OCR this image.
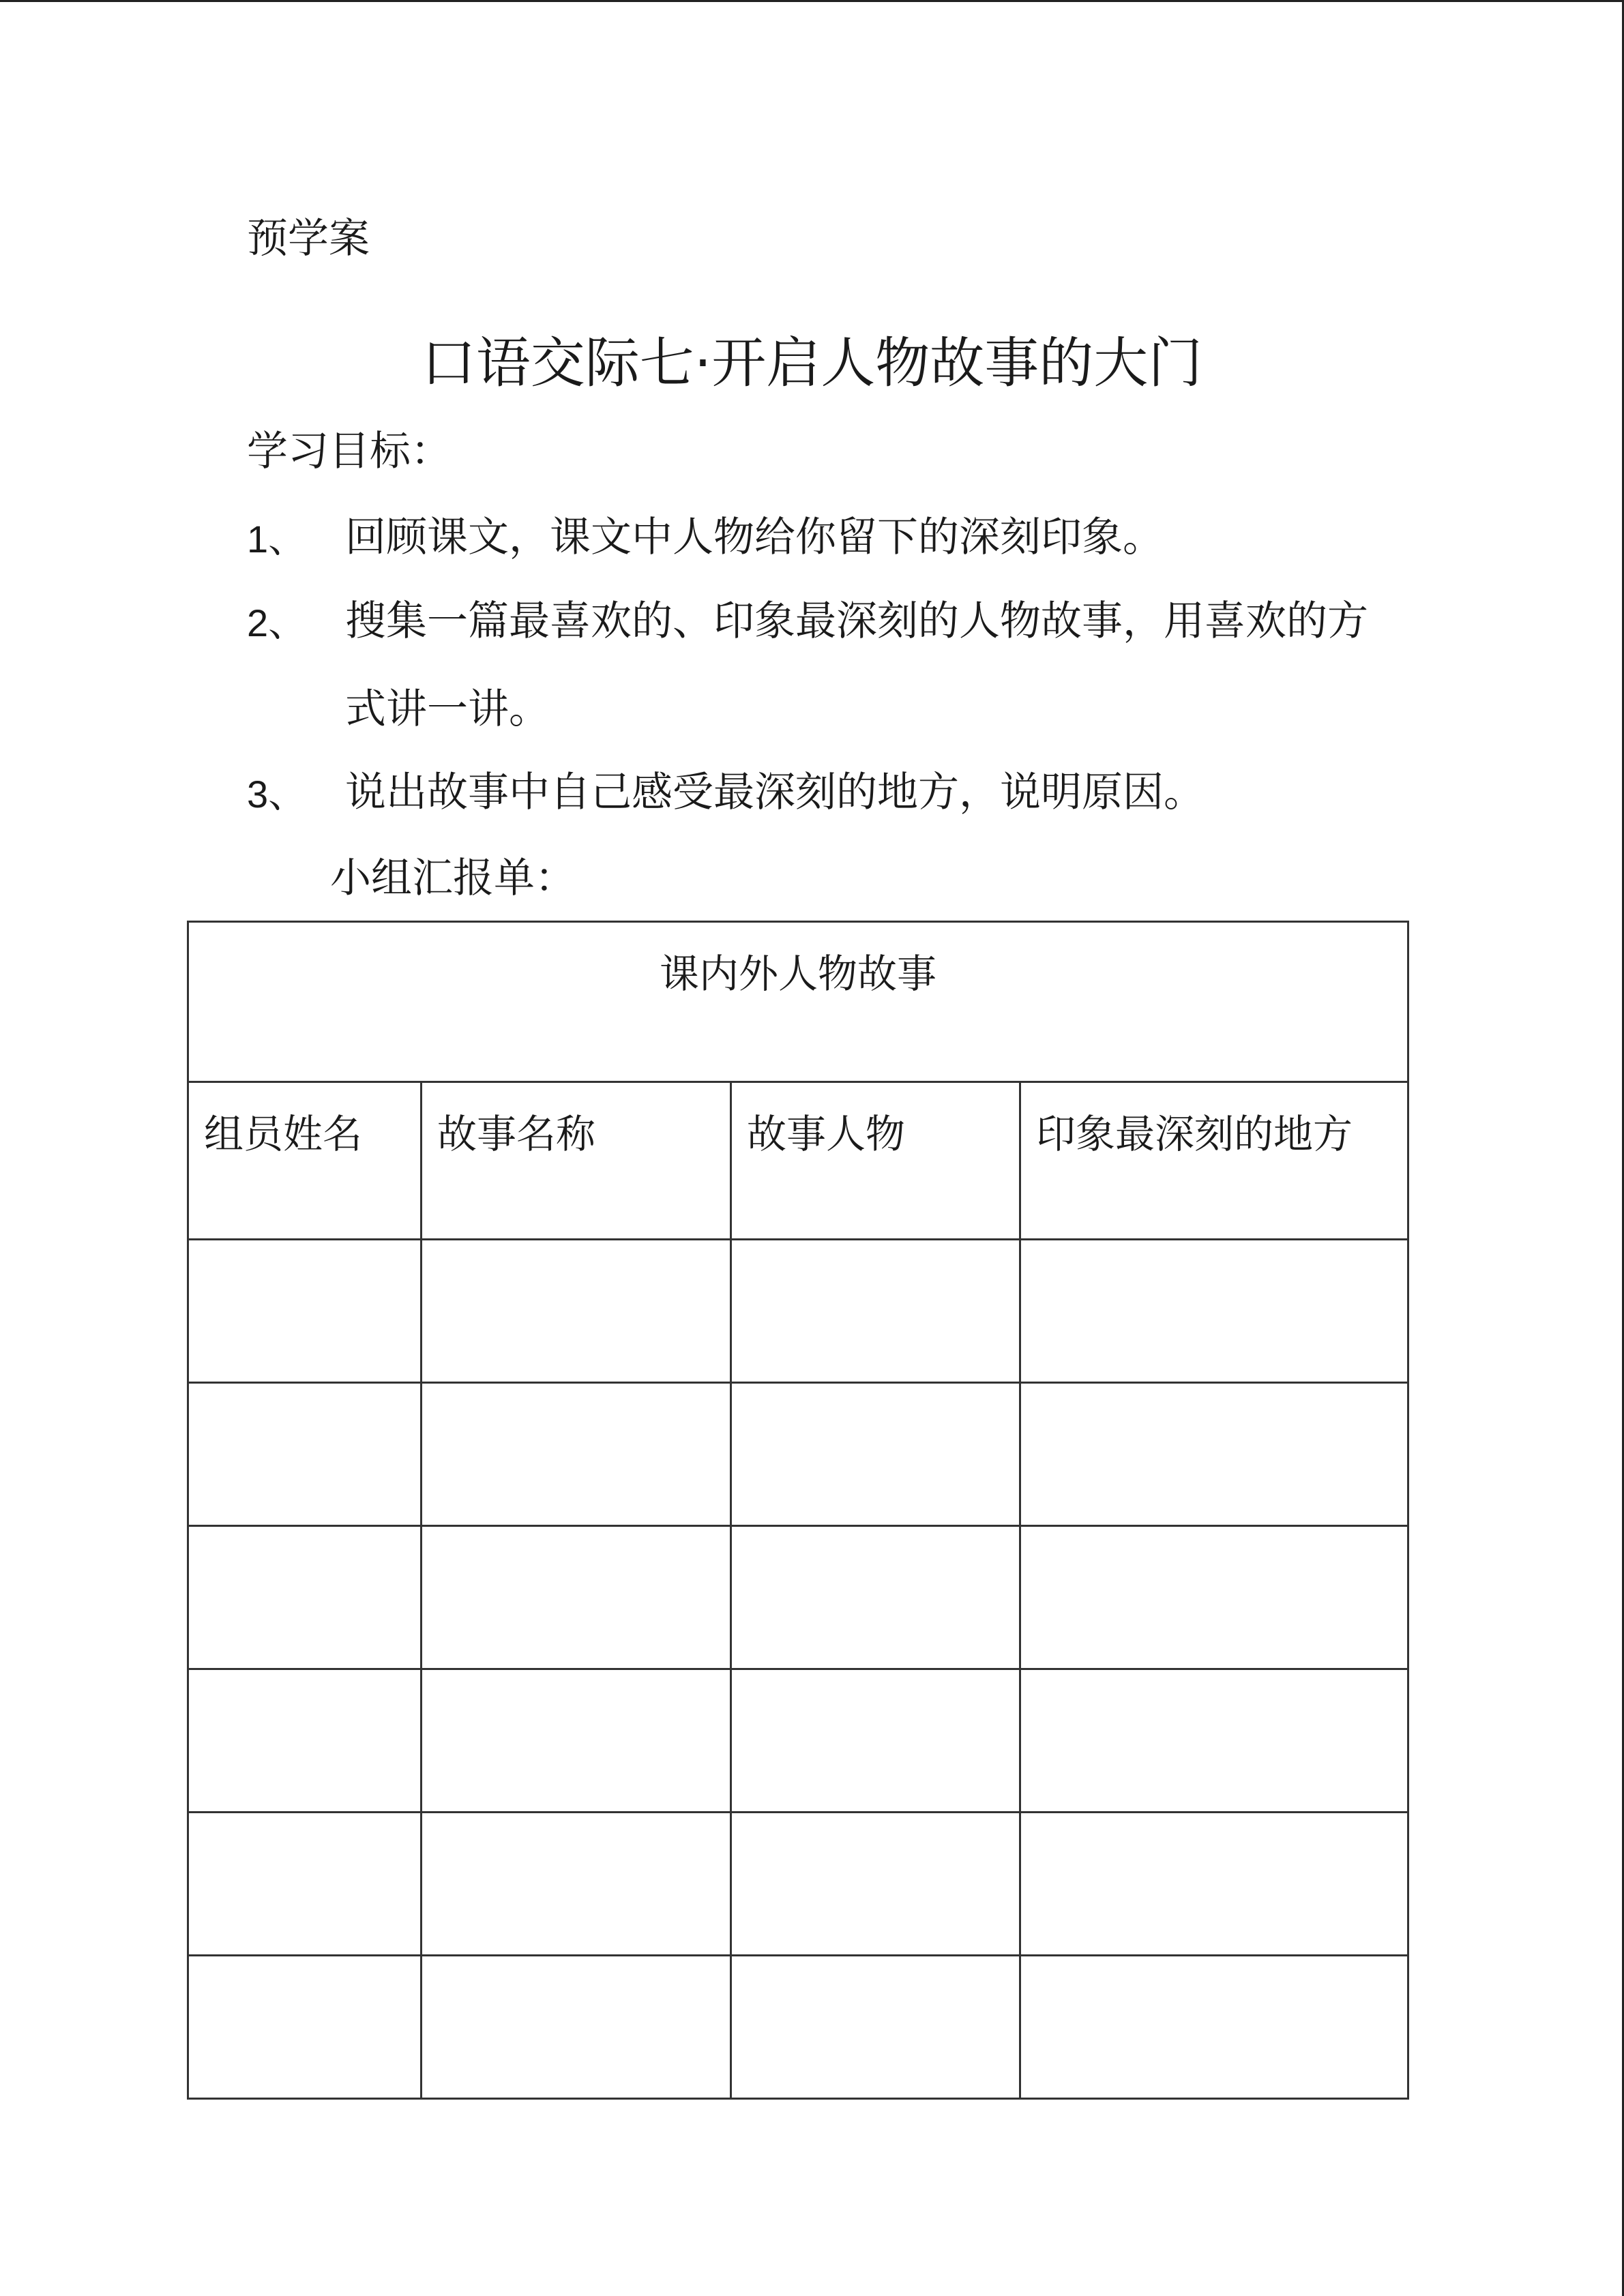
预学案
口语交际七·开启人物故事的大门
学习目标：
1、 回顾课文，课文中人物给你留下的深刻印象。
2、 搜集一篇最喜欢的、印象最深刻的人物故事，用喜欢的方
式讲一讲。
3、 说出故事中自己感受最深刻的地方，说明原因。
小组汇报单：
课内外人物故事			
组员姓名	故事名称	故事人物	印象最深刻的地方
